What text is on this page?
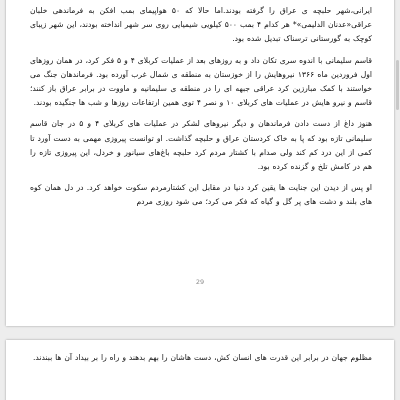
ایرانی،شهر حلبچه ی عراق را گرفته بودند.اما حالا که ۵۰ هواپیمای بمب افکن به فرماندهی خلبان عراقی«عدنان الدلیمی»* هر کدام ۴ بمب ۵۰۰ کیلویی شیمیایی روی سر شهر انداخته بودند، این شهر زیبای کوچک به گورستانی ترسناک تبدیل شده بود.

قاسم سلیمانی با اندوه سری تکان داد و به روزهای بعد از عملیات کربلای ۴ و ۵ فکر کرد، در همان روزهای اول فروردین ماه ۱۳۶۶ نیروهایش را از خوزستان به منطقه ی شمال غرب آورده بود. فرماندهان جنگ می خواستند با کمک مبارزین کرد عراقی جبهه ای را در منطقه ی سلیمانیه و ماووت در برابر عراق باز کنند؛ قاسم و نیرو هایش در عملیات های کربلای ۱۰ و نصر ۴ توی همین ارتفاعات روزها و شب ها جنگیده بودند.

هنوز داغ از دست دادن فرماندهان و دیگر نیروهای لشکر در عملیات های کربلای ۴ و ۵ در جان قاسم سلیمانی تازه بود که پا به خاک کردستان عراق و حلبچه گذاشت. او توانست پیروزی مهمی به دست آورد تا کمی از این درد کم کند ولی صدام با کشتار مردم کرد حلبچه باغ‌های سیانور و خردل، این پیروزی تازه را هم در کامش تلخ و گزنده کرده بود.

او پس از دیدن این جنایت ها یقین کرد دنیا در مقابل این کشتارمردم سکوت خواهد کرد. در دل همان کوه های بلند و دشت های پر گل و گیاه که فکر می کرد؛ می شود روزی مردم

29

مظلوم جهان در برابر این قدرت های انسان کش، دست هاشان را بهم بدهند و راه را بر بیداد آن ها ببندند.
